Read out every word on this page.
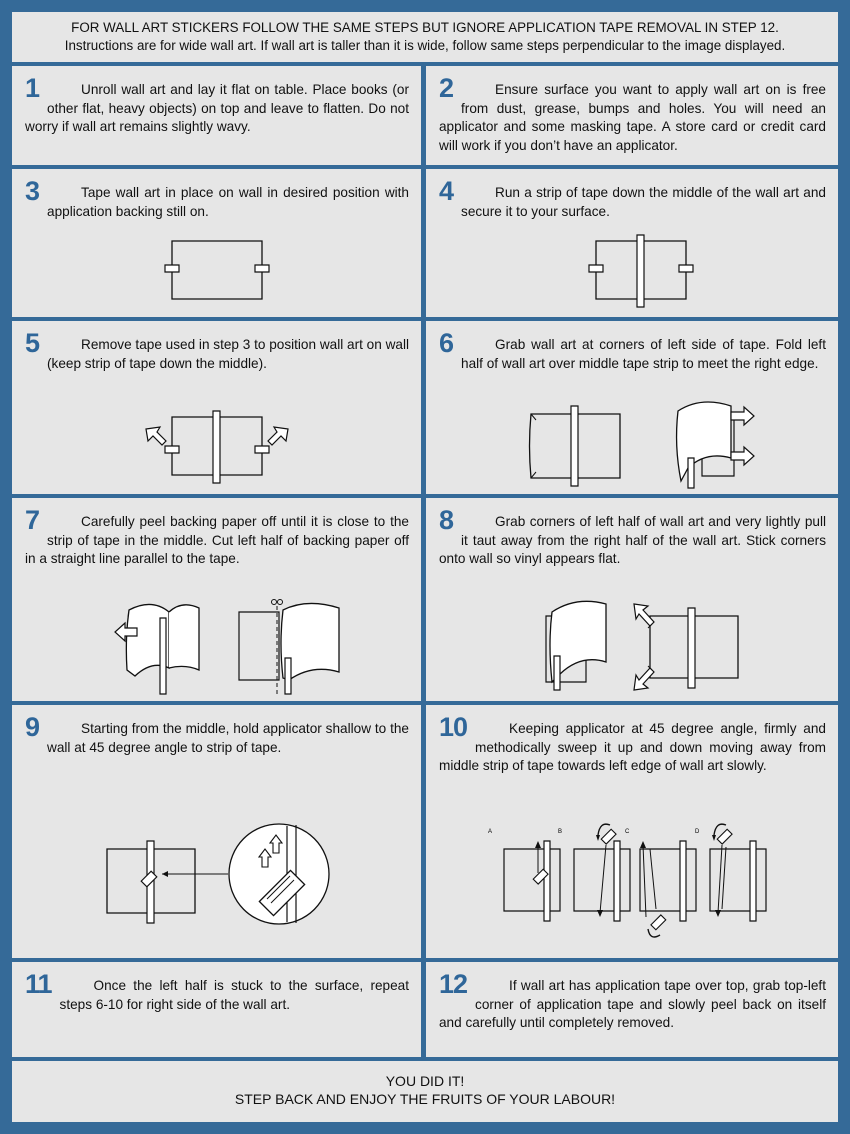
FOR WALL ART STICKERS FOLLOW THE SAME STEPS BUT IGNORE APPLICATION TAPE REMOVAL IN STEP 12.
Instructions are for wide wall art. If wall art is taller than it is wide, follow same steps perpendicular to the image displayed.
1	Unroll wall art and lay it flat on table. Place books (or other flat, heavy objects) on top and leave to flatten. Do not worry if wall art remains slightly wavy.
2	Ensure surface you want to apply wall art on is free from dust, grease, bumps and holes. You will need an applicator and some masking tape. A store card or credit card will work if you don’t have an applicator.
3	Tape wall art in place on wall in desired position with application backing still on.
4	Run a strip of tape down the middle of the wall art and secure it to your surface.
5	Remove tape used in step 3 to position wall art on wall (keep strip of tape down the middle).
6	Grab wall art at corners of left side of tape. Fold left half of wall art over middle tape strip to meet the right edge.
7	Carefully peel backing paper off until it is close to the strip of tape in the middle. Cut left half of backing paper off in a straight line parallel to the tape.
8	Grab corners of left half of wall art and very lightly pull it taut away from the right half of the wall art. Stick corners onto wall so vinyl appears flat.
9	Starting from the middle, hold applicator shallow to the wall at 45 degree angle to strip of tape.
10	Keeping applicator at 45 degree angle, firmly and methodically sweep it up and down moving away from middle strip of tape towards left edge of wall art slowly.
A	B	C	D
11	Once the left half is stuck to the surface, repeat steps 6-10 for right side of the wall art.
12	If wall art has application tape over top, grab top-left corner of application tape and slowly peel back on itself and carefully until completely removed.
YOU DID IT!
STEP BACK AND ENJOY THE FRUITS OF YOUR LABOUR!
